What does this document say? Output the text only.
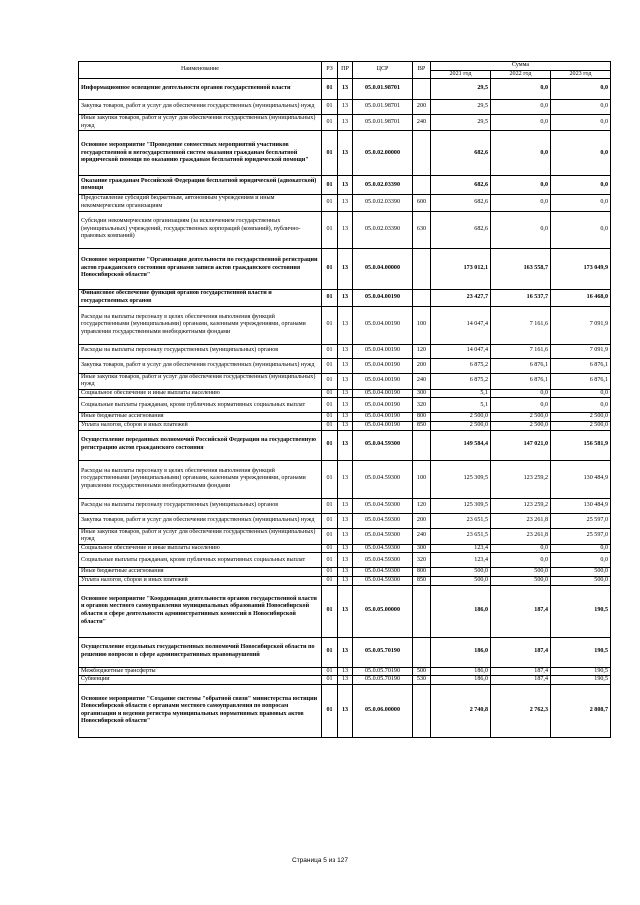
Наименование	РЗ	ПР	ЦСР	ВР	Сумма		
					2021 год	2022 год	2023 год
Информационное освещение деятельности органов государственной власти	01	13	05.0.01.98701		29,5	0,0	0,0
Закупка товаров, работ и услуг для обеспечения государственных (муниципальных) нужд	01	13	05.0.01.98701	200	29,5	0,0	0,0
Иные закупки товаров, работ и услуг для обеспечения государственных (муниципальных) нужд	01	13	05.0.01.98701	240	29,5	0,0	0,0
Основное мероприятие "Проведение совместных мероприятий участников государственной и негосударственной систем оказания гражданам бесплатной юридической помощи по оказанию гражданам бесплатной юридической помощи"	01	13	05.0.02.00000		682,6	0,0	0,0
Оказание гражданам Российской Федерации бесплатной юридической (адвокатской) помощи	01	13	05.0.02.03390		682,6	0,0	0,0
Предоставление субсидий бюджетным, автономным учреждениям и иным некоммерческим организациям	01	13	05.0.02.03390	600	682,6	0,0	0,0
Субсидии некоммерческим организациям (за исключением государственных (муниципальных) учреждений, государственных корпораций (компаний), публично-правовых компаний)	01	13	05.0.02.03390	630	682,6	0,0	0,0
Основное мероприятие "Организация деятельности по государственной регистрации актов гражданского состояния органами записи актов гражданского состояния Новосибирской области"	01	13	05.0.04.00000		173 012,1	163 558,7	173 049,9
Финансовое обеспечение функций органов государственной власти и государственных органов	01	13	05.0.04.00190		23 427,7	16 537,7	16 468,0
Расходы на выплаты персоналу в целях обеспечения выполнения функций государственными (муниципальными) органами, казенными учреждениями, органами управления государственными внебюджетными фондами	01	13	05.0.04.00190	100	14 047,4	7 161,6	7 091,9
Расходы на выплаты персоналу государственных (муниципальных) органов	01	13	05.0.04.00190	120	14 047,4	7 161,6	7 091,9
Закупка товаров, работ и услуг для обеспечения государственных (муниципальных) нужд	01	13	05.0.04.00190	200	6 875,2	6 876,1	6 876,1
Иные закупки товаров, работ и услуг для обеспечения государственных (муниципальных) нужд	01	13	05.0.04.00190	240	6 875,2	6 876,1	6 876,1
Социальное обеспечение и иные выплаты населению	01	13	05.0.04.00190	300	5,1	0,0	0,0
Социальные выплаты гражданам, кроме публичных нормативных социальных выплат	01	13	05.0.04.00190	320	5,1	0,0	0,0
Иные бюджетные ассигнования	01	13	05.0.04.00190	800	2 500,0	2 500,0	2 500,0
Уплата налогов, сборов и иных платежей	01	13	05.0.04.00190	850	2 500,0	2 500,0	2 500,0
Осуществление переданных полномочий Российской Федерации на государственную регистрацию актов гражданского состояния	01	13	05.0.04.59300		149 584,4	147 021,0	156 581,9
Расходы на выплаты персоналу в целях обеспечения выполнения функций государственными (муниципальными) органами, казенными учреждениями, органами управления государственными внебюджетными фондами	01	13	05.0.04.59300	100	125 309,5	123 259,2	130 484,9
Расходы на выплаты персоналу государственных (муниципальных) органов	01	13	05.0.04.59300	120	125 309,5	123 259,2	130 484,9
Закупка товаров, работ и услуг для обеспечения государственных (муниципальных) нужд	01	13	05.0.04.59300	200	23 651,5	23 261,8	25 597,0
Иные закупки товаров, работ и услуг для обеспечения государственных (муниципальных) нужд	01	13	05.0.04.59300	240	23 651,5	23 261,8	25 597,0
Социальное обеспечение и иные выплаты населению	01	13	05.0.04.59300	300	123,4	0,0	0,0
Социальные выплаты гражданам, кроме публичных нормативных социальных выплат	01	13	05.0.04.59300	320	123,4	0,0	0,0
Иные бюджетные ассигнования	01	13	05.0.04.59300	800	500,0	500,0	500,0
Уплата налогов, сборов и иных платежей	01	13	05.0.04.59300	850	500,0	500,0	500,0
Основное мероприятие "Координация деятельности органов государственной власти и органов местного самоуправления муниципальных образований Новосибирской области в сфере деятельности административных комиссий в Новосибирской области"	01	13	05.0.05.00000		186,0	187,4	190,5
Осуществление отдельных государственных полномочий Новосибирской области по решению вопросов в сфере административных правонарушений	01	13	05.0.05.70190		186,0	187,4	190,5
Межбюджетные трансферты	01	13	05.0.05.70190	500	186,0	187,4	190,5
Субвенции	01	13	05.0.05.70190	530	186,0	187,4	190,5
Основное мероприятие "Создание системы "обратной связи" министерства юстиции Новосибирской области с органами местного самоуправления по вопросам организации и ведения регистра муниципальных нормативных правовых актов Новосибирской области"	01	13	05.0.06.00000		2 740,8	2 762,3	2 808,7
Страница 5 из 127
